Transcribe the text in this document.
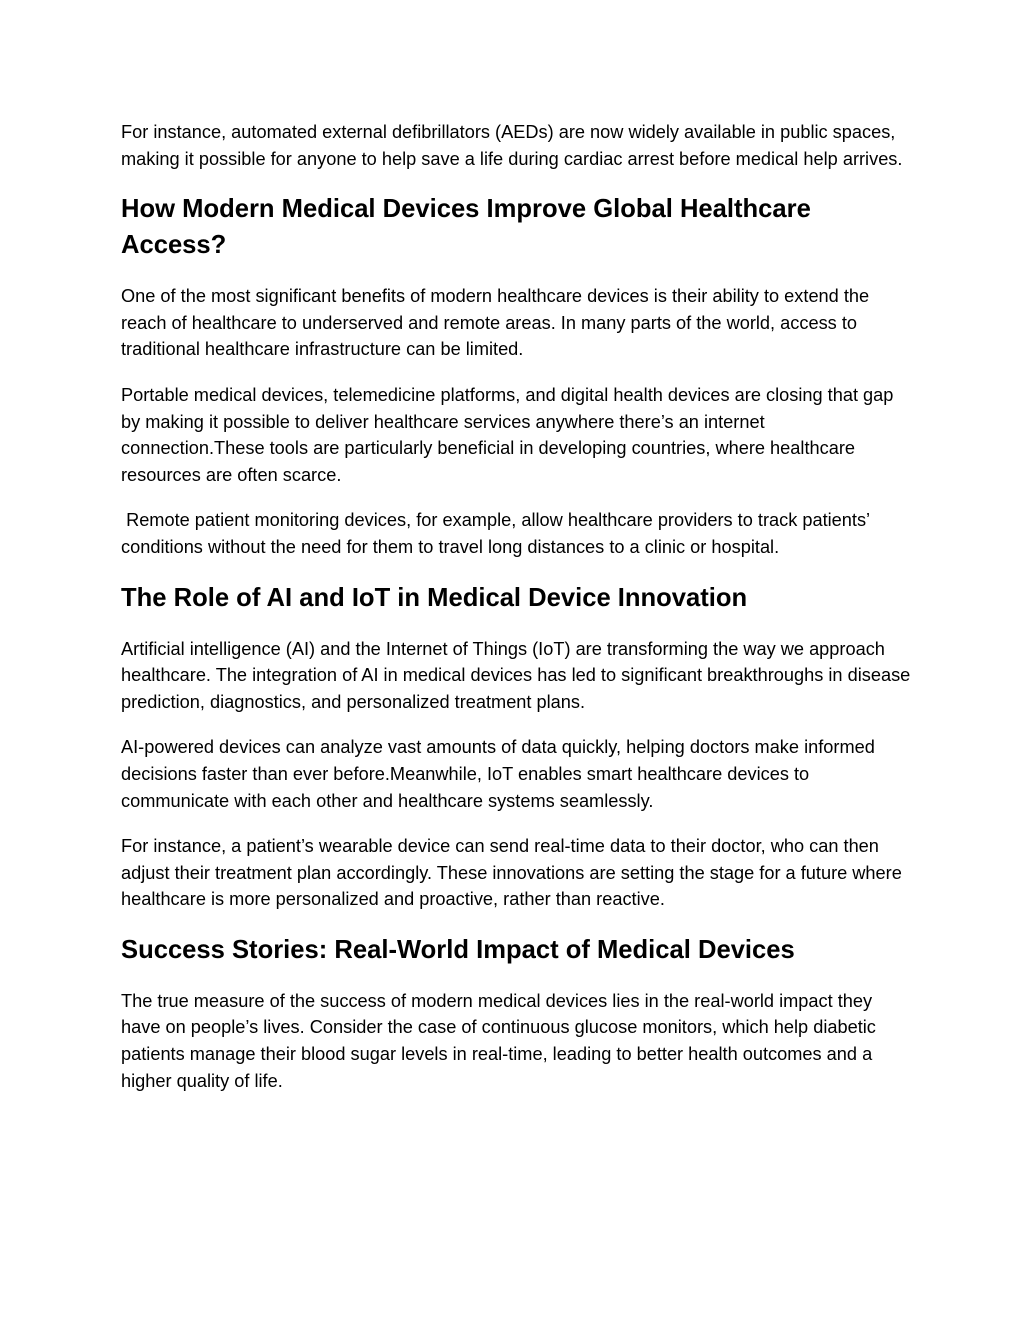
For instance, automated external defibrillators (AEDs) are now widely available in public spaces, making it possible for anyone to help save a life during cardiac arrest before medical help arrives.

How Modern Medical Devices Improve Global Healthcare Access?

One of the most significant benefits of modern healthcare devices is their ability to extend the reach of healthcare to underserved and remote areas. In many parts of the world, access to traditional healthcare infrastructure can be limited.

Portable medical devices, telemedicine platforms, and digital health devices are closing that gap by making it possible to deliver healthcare services anywhere there’s an internet connection.These tools are particularly beneficial in developing countries, where healthcare resources are often scarce.

Remote patient monitoring devices, for example, allow healthcare providers to track patients’ conditions without the need for them to travel long distances to a clinic or hospital.

The Role of AI and IoT in Medical Device Innovation

Artificial intelligence (AI) and the Internet of Things (IoT) are transforming the way we approach healthcare. The integration of AI in medical devices has led to significant breakthroughs in disease prediction, diagnostics, and personalized treatment plans.

AI-powered devices can analyze vast amounts of data quickly, helping doctors make informed decisions faster than ever before.Meanwhile, IoT enables smart healthcare devices to communicate with each other and healthcare systems seamlessly.

For instance, a patient’s wearable device can send real-time data to their doctor, who can then adjust their treatment plan accordingly. These innovations are setting the stage for a future where healthcare is more personalized and proactive, rather than reactive.

Success Stories: Real-World Impact of Medical Devices

The true measure of the success of modern medical devices lies in the real-world impact they have on people’s lives. Consider the case of continuous glucose monitors, which help diabetic patients manage their blood sugar levels in real-time, leading to better health outcomes and a higher quality of life.
